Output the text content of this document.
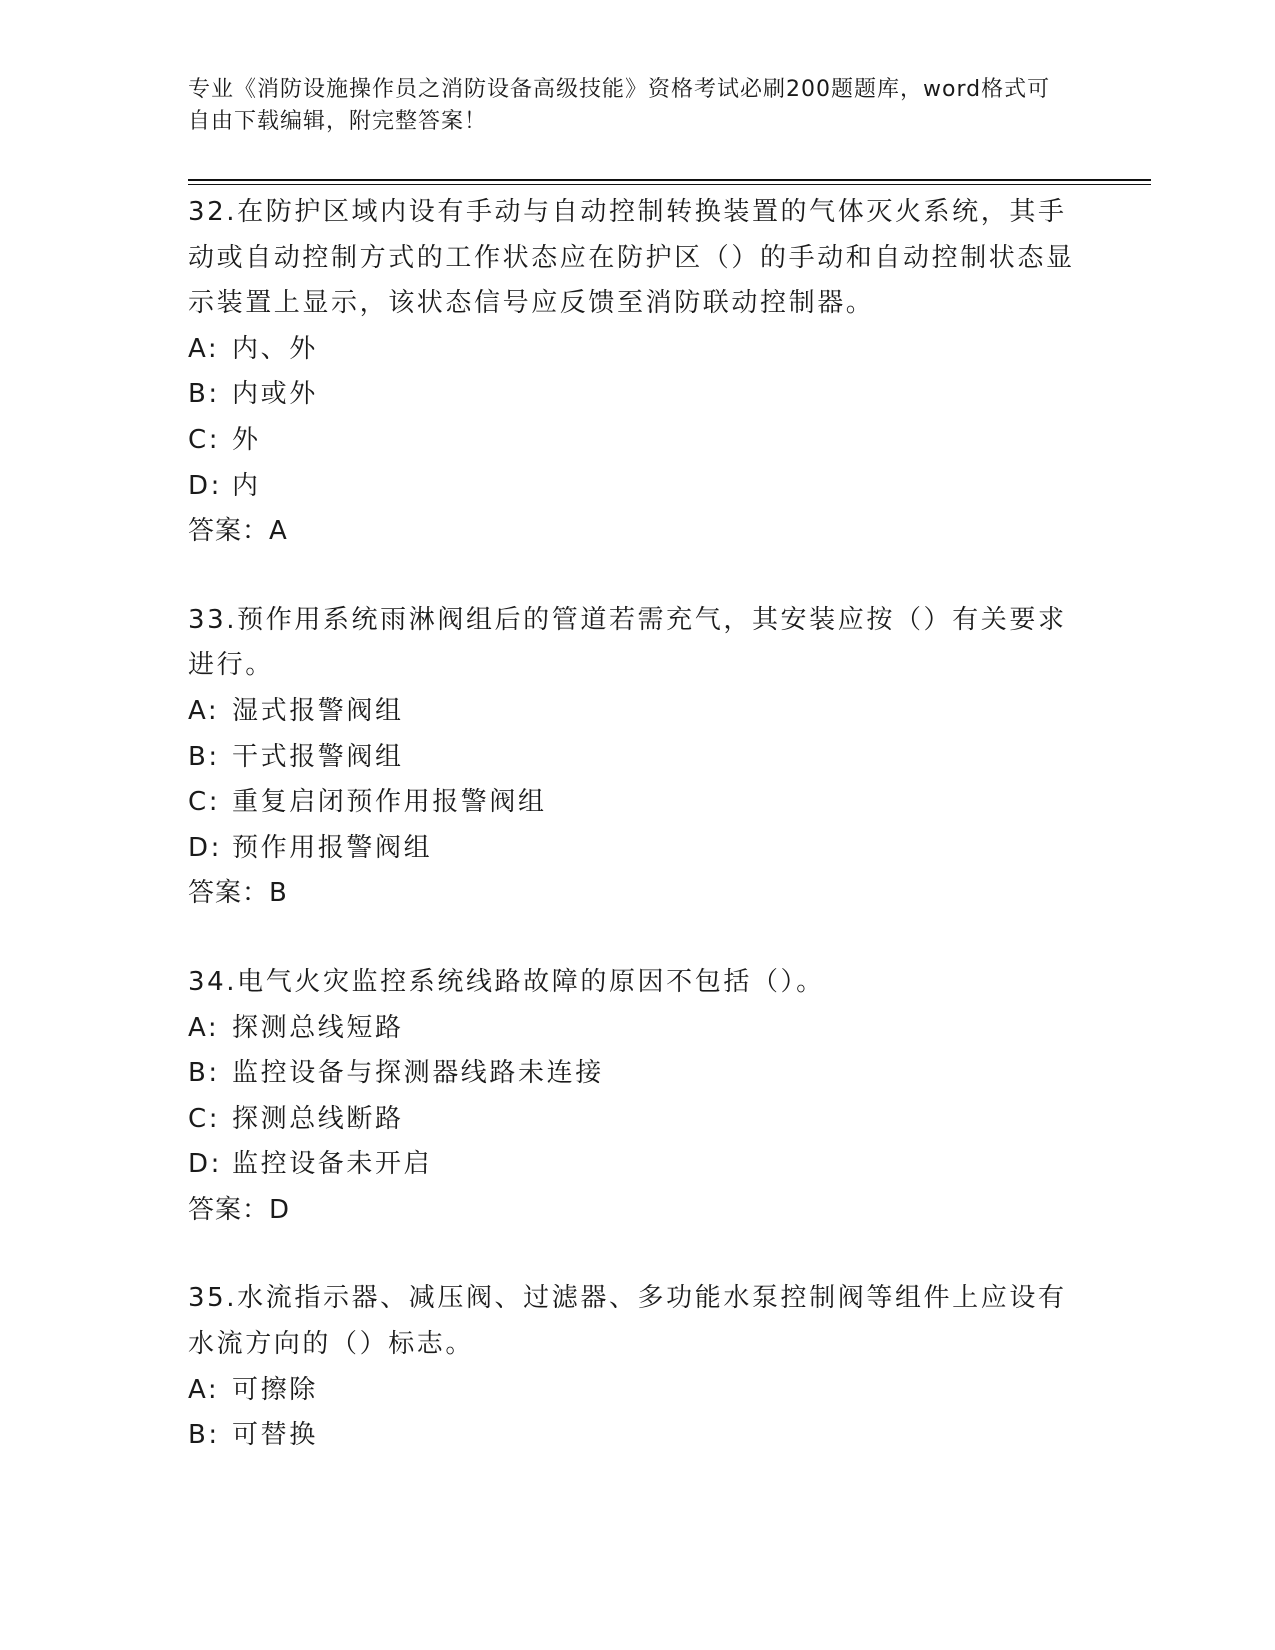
专业《消防设施操作员之消防设备高级技能》资格考试必刷200题题库，word格式可自由下载编辑，附完整答案！

32.在防护区域内设有手动与自动控制转换装置的气体灭火系统，其手动或自动控制方式的工作状态应在防护区（）的手动和自动控制状态显示装置上显示，该状态信号应反馈至消防联动控制器。

A: 内、外

B: 内或外

C: 外

D: 内

答案：A

33.预作用系统雨淋阀组后的管道若需充气，其安装应按（）有关要求进行。

A: 湿式报警阀组

B: 干式报警阀组

C: 重复启闭预作用报警阀组

D: 预作用报警阀组

答案：B

34.电气火灾监控系统线路故障的原因不包括（）。

A: 探测总线短路

B: 监控设备与探测器线路未连接

C: 探测总线断路

D: 监控设备未开启

答案：D

35.水流指示器、减压阀、过滤器、多功能水泵控制阀等组件上应设有水流方向的（）标志。

A: 可擦除

B: 可替换
